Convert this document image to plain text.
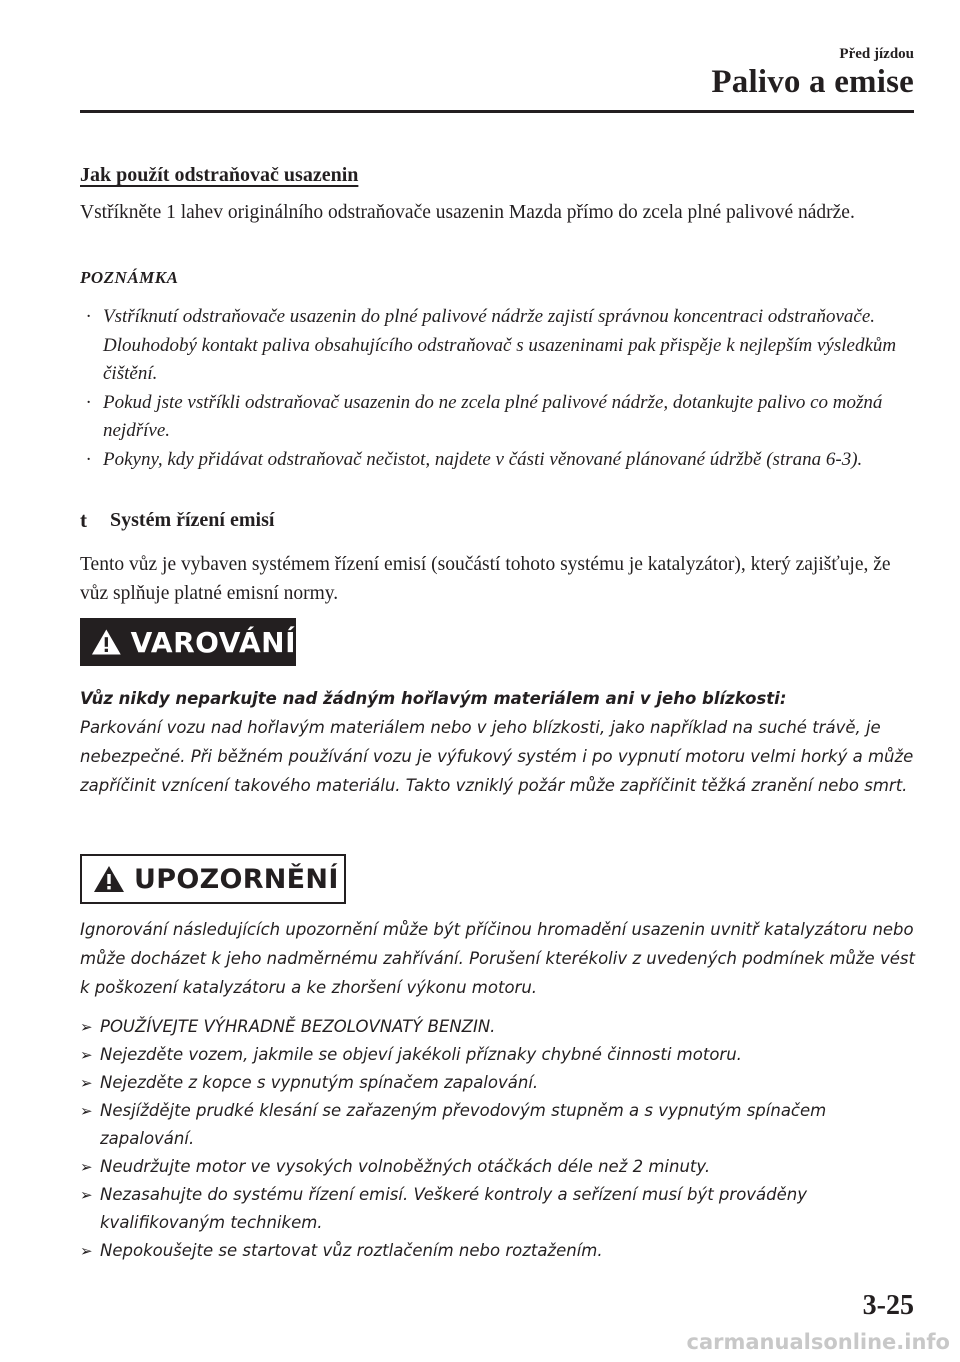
Před jízdou
Palivo a emise

Jak použít odstraňovač usazenin

Vstříkněte 1 lahev originálního odstraňovače usazenin Mazda přímo do zcela plné palivové nádrže.

POZNÁMKA

· Vstříknutí odstraňovače usazenin do plné palivové nádrže zajistí správnou koncentraci odstraňovače. Dlouhodobý kontakt paliva obsahujícího odstraňovač s usazeninami pak přispěje k nejlepším výsledkům čištění.
· Pokud jste vstříkli odstraňovač usazenin do ne zcela plné palivové nádrže, dotankujte palivo co možná nejdříve.
· Pokyny, kdy přidávat odstraňovač nečistot, najdete v části věnované plánované údržbě (strana 6-3).

t	Systém řízení emisí

Tento vůz je vybaven systémem řízení emisí (součástí tohoto systému je katalyzátor), který zajišťuje, že vůz splňuje platné emisní normy.

VAROVÁNÍ

Vůz nikdy neparkujte nad žádným hořlavým materiálem ani v jeho blízkosti:

Parkování vozu nad hořlavým materiálem nebo v jeho blízkosti, jako například na suché trávě, je nebezpečné. Při běžném používání vozu je výfukový systém i po vypnutí motoru velmi horký a může zapříčinit vznícení takového materiálu. Takto vzniklý požár může zapříčinit těžká zranění nebo smrt.

UPOZORNĚNÍ

Ignorování následujících upozornění může být příčinou hromadění usazenin uvnitř katalyzátoru nebo může docházet k jeho nadměrnému zahřívání. Porušení kterékoliv z uvedených podmínek může vést k poškození katalyzátoru a ke zhoršení výkonu motoru.

➢ POUŽÍVEJTE VÝHRADNĚ BEZOLOVNATÝ BENZIN.
➢ Nejezděte vozem, jakmile se objeví jakékoli příznaky chybné činnosti motoru.
➢ Nejezděte z kopce s vypnutým spínačem zapalování.
➢ Nesjíždějte prudké klesání se zařazeným převodovým stupněm a s vypnutým spínačem zapalování.
➢ Neudržujte motor ve vysokých volnoběžných otáčkách déle než 2 minuty.
➢ Nezasahujte do systému řízení emisí. Veškeré kontroly a seřízení musí být prováděny kvalifikovaným technikem.
➢ Nepokoušejte se startovat vůz roztlačením nebo roztažením.
3-25
carmanualsonline.info
